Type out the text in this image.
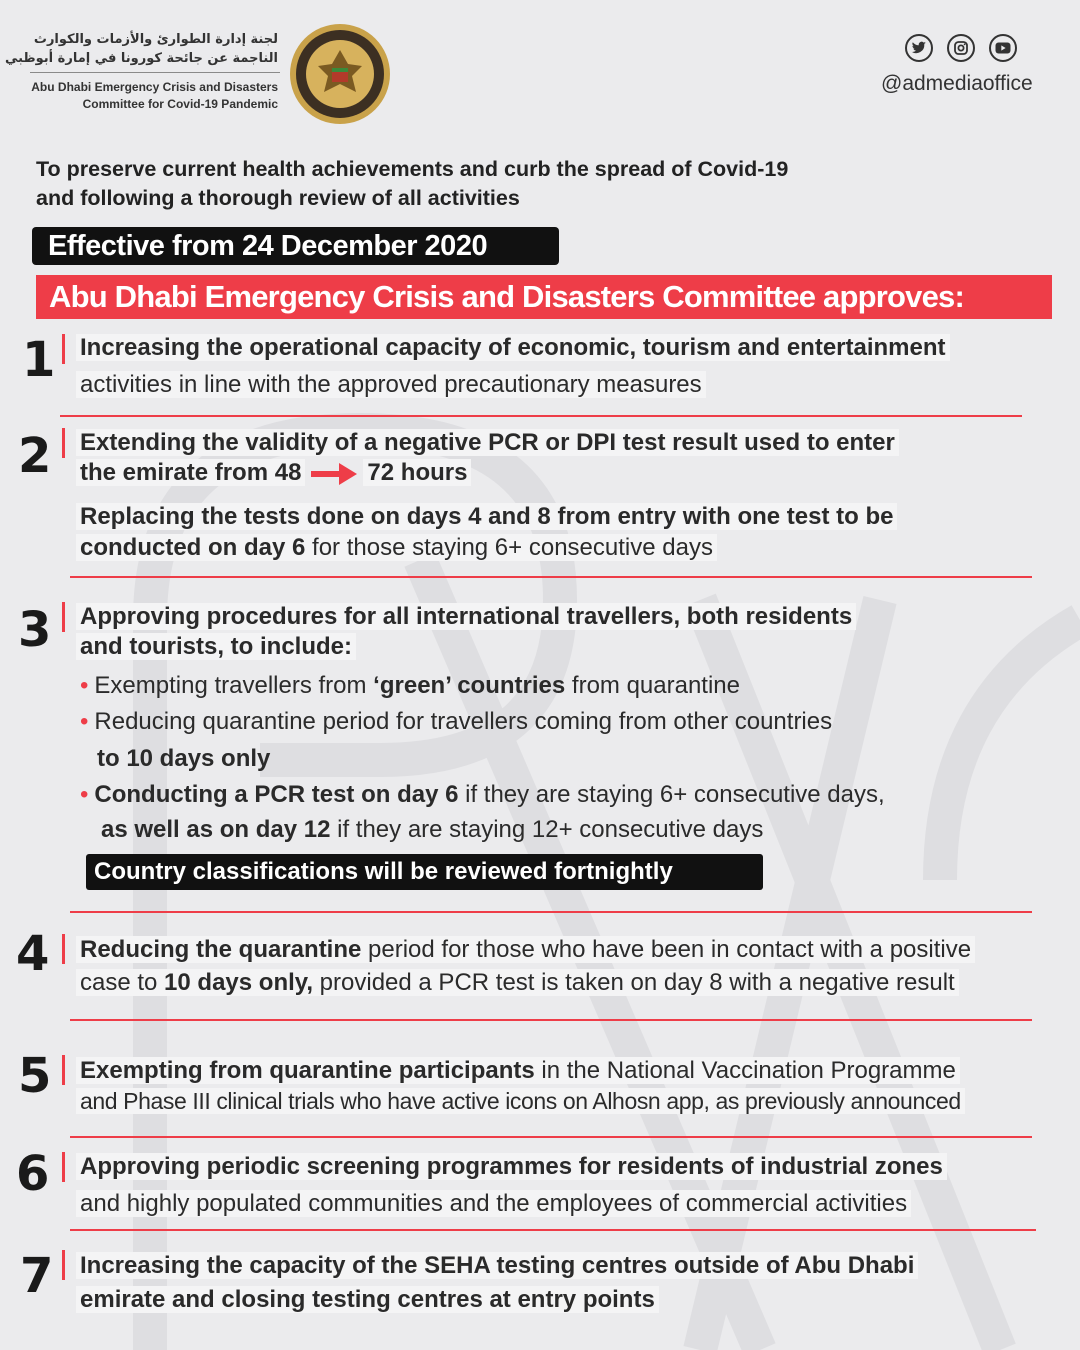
لجنة إدارة الطوارئ والأزمات والكوارث
الناجمة عن جائحة كورونا في إمارة أبوظبي
Abu Dhabi Emergency Crisis and Disasters
Committee for Covid-19 Pandemic
@admediaoffice
To preserve current health achievements and curb the spread of Covid-19
and following a thorough review of all activities
Effective from 24 December 2020
Abu Dhabi Emergency Crisis and Disasters Committee approves:
1 Increasing the operational capacity of economic, tourism and entertainment
activities in line with the approved precautionary measures
2 Extending the validity of a negative PCR or DPI test result used to enter
the emirate from 48	72 hours
Replacing the tests done on days 4 and 8 from entry with one test to be
conducted on day 6 for those staying 6+ consecutive days
3 Approving procedures for all international travellers, both residents
and tourists, to include:
• Exempting travellers from ‘green’ countries from quarantine
• Reducing quarantine period for travellers coming from other countries
to 10 days only
• Conducting a PCR test on day 6 if they are staying 6+ consecutive days,
as well as on day 12 if they are staying 12+ consecutive days
Country classifications will be reviewed fortnightly
4 Reducing the quarantine period for those who have been in contact with a positive
case to 10 days only, provided a PCR test is taken on day 8 with a negative result
5 Exempting from quarantine participants in the National Vaccination Programme
and Phase III clinical trials who have active icons on Alhosn app, as previously announced
6 Approving periodic screening programmes for residents of industrial zones
and highly populated communities and the employees of commercial activities
7 Increasing the capacity of the SEHA testing centres outside of Abu Dhabi
emirate and closing testing centres at entry points
